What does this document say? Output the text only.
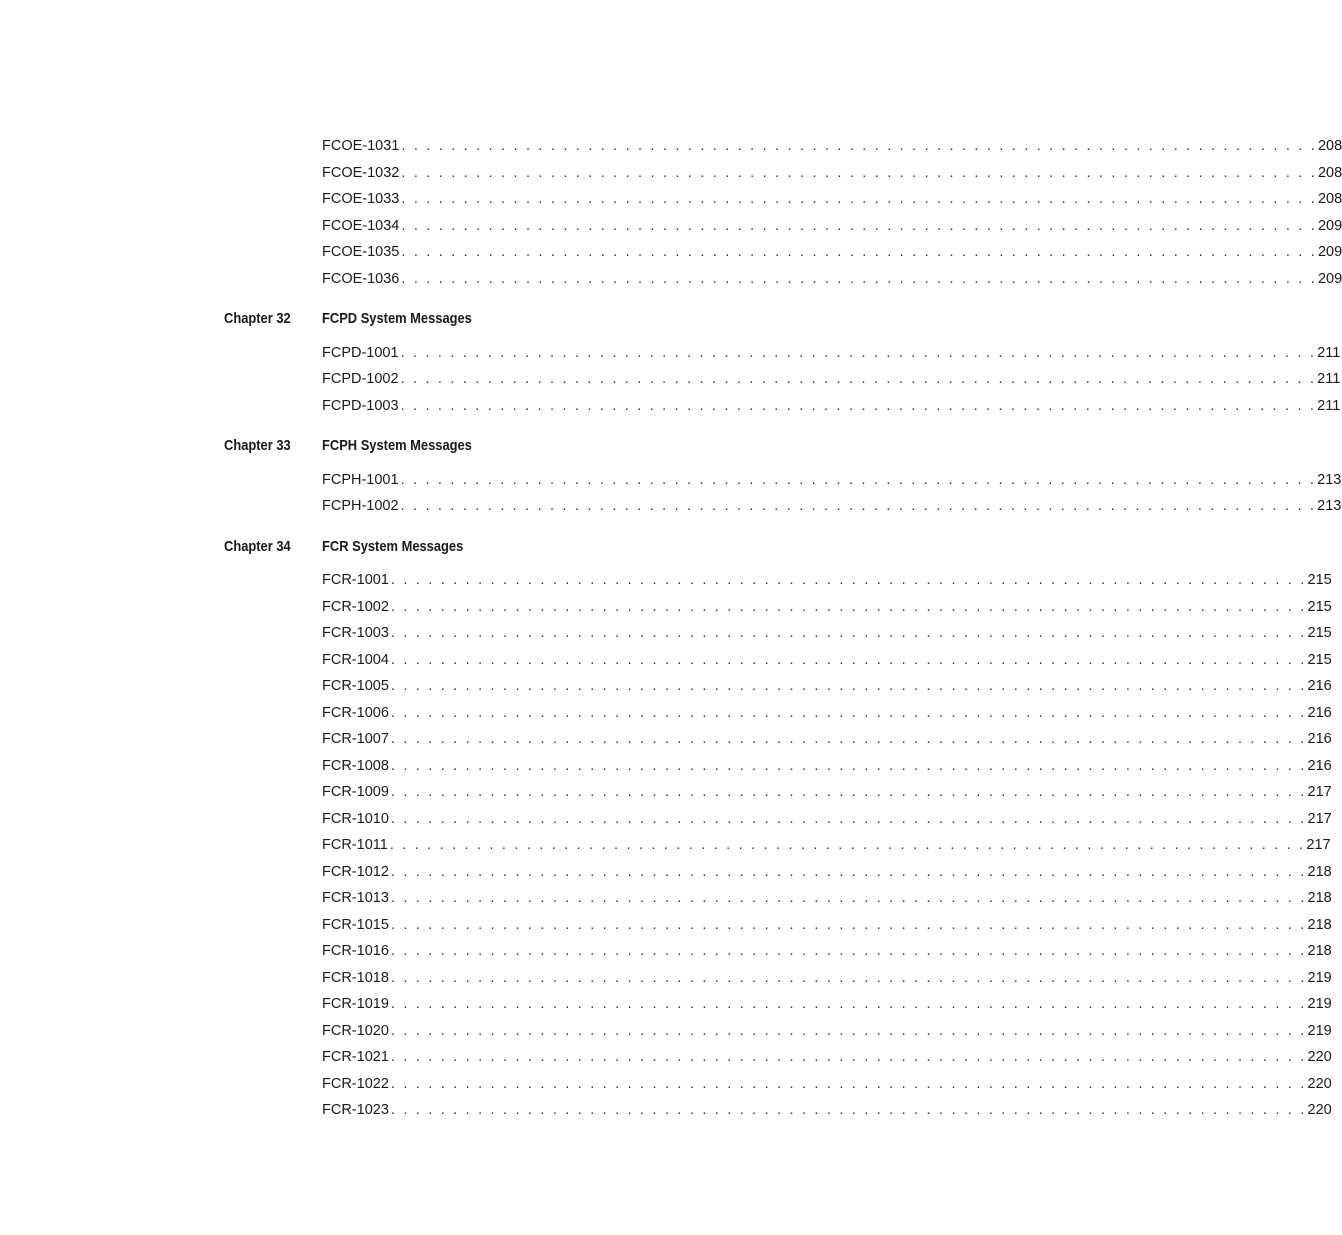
FCOE-1031 . . . . . . . . . . . . . . . . . . . . . . . . . . . . . . . . . . . . . . . . . . . . . . . . . . . . . . . . . . . . . . . . . . . . . . . . . . 208
FCOE-1032 . . . . . . . . . . . . . . . . . . . . . . . . . . . . . . . . . . . . . . . . . . . . . . . . . . . . . . . . . . . . . . . . . . . . . . . . . . 208
FCOE-1033 . . . . . . . . . . . . . . . . . . . . . . . . . . . . . . . . . . . . . . . . . . . . . . . . . . . . . . . . . . . . . . . . . . . . . . . . . . 208
FCOE-1034 . . . . . . . . . . . . . . . . . . . . . . . . . . . . . . . . . . . . . . . . . . . . . . . . . . . . . . . . . . . . . . . . . . . . . . . . . . 209
FCOE-1035 . . . . . . . . . . . . . . . . . . . . . . . . . . . . . . . . . . . . . . . . . . . . . . . . . . . . . . . . . . . . . . . . . . . . . . . . . . 209
FCOE-1036 . . . . . . . . . . . . . . . . . . . . . . . . . . . . . . . . . . . . . . . . . . . . . . . . . . . . . . . . . . . . . . . . . . . . . . . . . . 209
Chapter 32 FCPD System Messages
FCPD-1001 . . . . . . . . . . . . . . . . . . . . . . . . . . . . . . . . . . . . . . . . . . . . . . . . . . . . . . . . . . . . . . . . . . . . . . . . . . 211
FCPD-1002 . . . . . . . . . . . . . . . . . . . . . . . . . . . . . . . . . . . . . . . . . . . . . . . . . . . . . . . . . . . . . . . . . . . . . . . . . . 211
FCPD-1003 . . . . . . . . . . . . . . . . . . . . . . . . . . . . . . . . . . . . . . . . . . . . . . . . . . . . . . . . . . . . . . . . . . . . . . . . . . 211
Chapter 33 FCPH System Messages
FCPH-1001 . . . . . . . . . . . . . . . . . . . . . . . . . . . . . . . . . . . . . . . . . . . . . . . . . . . . . . . . . . . . . . . . . . . . . . . . . . 213
FCPH-1002 . . . . . . . . . . . . . . . . . . . . . . . . . . . . . . . . . . . . . . . . . . . . . . . . . . . . . . . . . . . . . . . . . . . . . . . . . . 213
Chapter 34 FCR System Messages
FCR-1001 . . . . . . . . . . . . . . . . . . . . . . . . . . . . . . . . . . . . . . . . . . . . . . . . . . . . . . . . . . . . . . . . . . . . . . . . . . 215
FCR-1002 . . . . . . . . . . . . . . . . . . . . . . . . . . . . . . . . . . . . . . . . . . . . . . . . . . . . . . . . . . . . . . . . . . . . . . . . . . 215
FCR-1003 . . . . . . . . . . . . . . . . . . . . . . . . . . . . . . . . . . . . . . . . . . . . . . . . . . . . . . . . . . . . . . . . . . . . . . . . . . 215
FCR-1004 . . . . . . . . . . . . . . . . . . . . . . . . . . . . . . . . . . . . . . . . . . . . . . . . . . . . . . . . . . . . . . . . . . . . . . . . . . 215
FCR-1005 . . . . . . . . . . . . . . . . . . . . . . . . . . . . . . . . . . . . . . . . . . . . . . . . . . . . . . . . . . . . . . . . . . . . . . . . . . 216
FCR-1006 . . . . . . . . . . . . . . . . . . . . . . . . . . . . . . . . . . . . . . . . . . . . . . . . . . . . . . . . . . . . . . . . . . . . . . . . . . 216
FCR-1007 . . . . . . . . . . . . . . . . . . . . . . . . . . . . . . . . . . . . . . . . . . . . . . . . . . . . . . . . . . . . . . . . . . . . . . . . . . 216
FCR-1008 . . . . . . . . . . . . . . . . . . . . . . . . . . . . . . . . . . . . . . . . . . . . . . . . . . . . . . . . . . . . . . . . . . . . . . . . . . 216
FCR-1009 . . . . . . . . . . . . . . . . . . . . . . . . . . . . . . . . . . . . . . . . . . . . . . . . . . . . . . . . . . . . . . . . . . . . . . . . . . 217
FCR-1010 . . . . . . . . . . . . . . . . . . . . . . . . . . . . . . . . . . . . . . . . . . . . . . . . . . . . . . . . . . . . . . . . . . . . . . . . . . 217
FCR-1011 . . . . . . . . . . . . . . . . . . . . . . . . . . . . . . . . . . . . . . . . . . . . . . . . . . . . . . . . . . . . . . . . . . . . . . . . . . 217
FCR-1012 . . . . . . . . . . . . . . . . . . . . . . . . . . . . . . . . . . . . . . . . . . . . . . . . . . . . . . . . . . . . . . . . . . . . . . . . . . 218
FCR-1013 . . . . . . . . . . . . . . . . . . . . . . . . . . . . . . . . . . . . . . . . . . . . . . . . . . . . . . . . . . . . . . . . . . . . . . . . . . 218
FCR-1015 . . . . . . . . . . . . . . . . . . . . . . . . . . . . . . . . . . . . . . . . . . . . . . . . . . . . . . . . . . . . . . . . . . . . . . . . . . 218
FCR-1016 . . . . . . . . . . . . . . . . . . . . . . . . . . . . . . . . . . . . . . . . . . . . . . . . . . . . . . . . . . . . . . . . . . . . . . . . . . 218
FCR-1018 . . . . . . . . . . . . . . . . . . . . . . . . . . . . . . . . . . . . . . . . . . . . . . . . . . . . . . . . . . . . . . . . . . . . . . . . . . 219
FCR-1019 . . . . . . . . . . . . . . . . . . . . . . . . . . . . . . . . . . . . . . . . . . . . . . . . . . . . . . . . . . . . . . . . . . . . . . . . . . 219
FCR-1020 . . . . . . . . . . . . . . . . . . . . . . . . . . . . . . . . . . . . . . . . . . . . . . . . . . . . . . . . . . . . . . . . . . . . . . . . . . 219
FCR-1021 . . . . . . . . . . . . . . . . . . . . . . . . . . . . . . . . . . . . . . . . . . . . . . . . . . . . . . . . . . . . . . . . . . . . . . . . . . 220
FCR-1022 . . . . . . . . . . . . . . . . . . . . . . . . . . . . . . . . . . . . . . . . . . . . . . . . . . . . . . . . . . . . . . . . . . . . . . . . . . 220
FCR-1023 . . . . . . . . . . . . . . . . . . . . . . . . . . . . . . . . . . . . . . . . . . . . . . . . . . . . . . . . . . . . . . . . . . . . . . . . . . 220
